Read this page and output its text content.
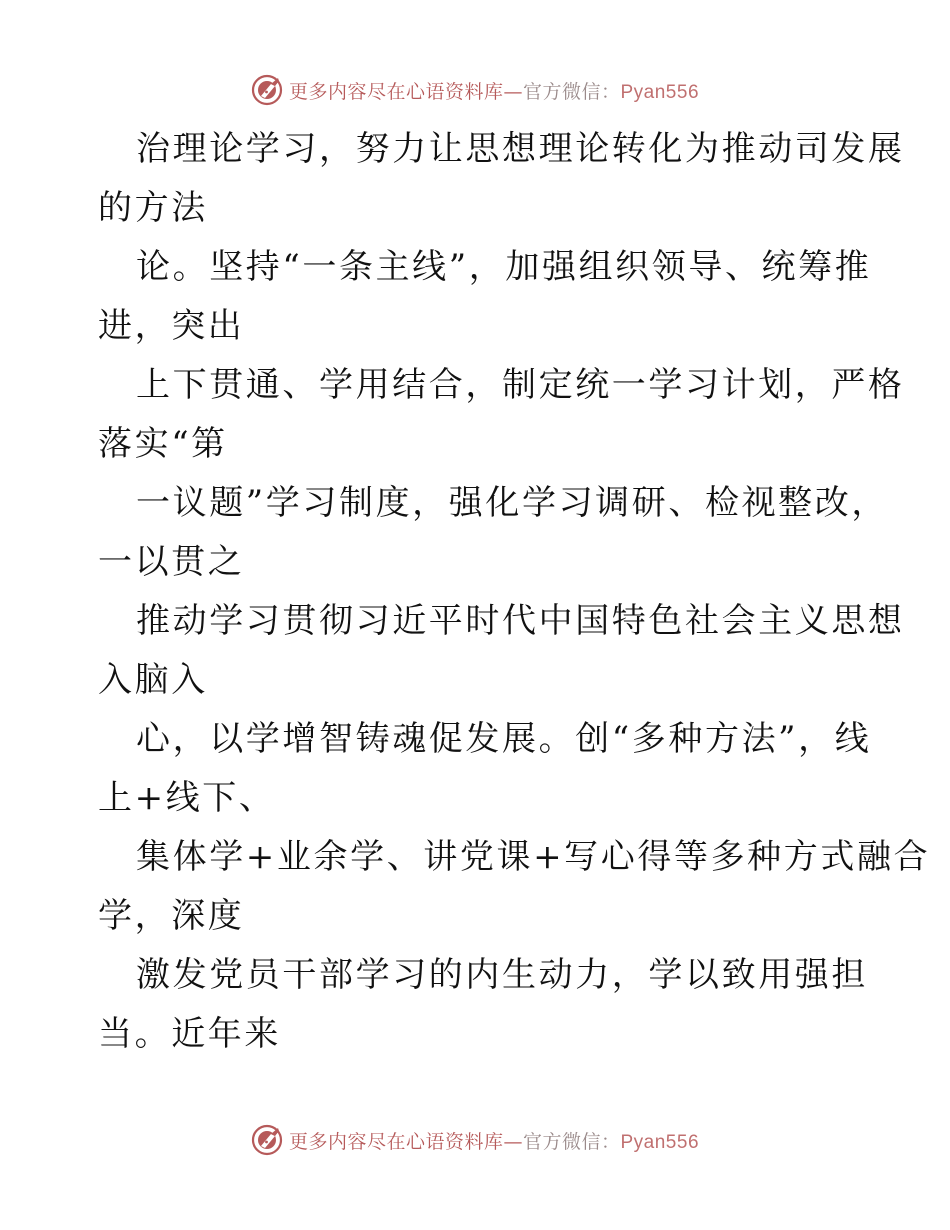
更多内容尽在心语资料库—官方微信：Pyan556
治理论学习，努力让思想理论转化为推动司发展
的方法
论。坚持“一条主线”，加强组织领导、统筹推
进，突出
上下贯通、学用结合，制定统一学习计划，严格
落实“第
一议题”学习制度，强化学习调研、检视整改，
一以贯之
推动学习贯彻习近平时代中国特色社会主义思想
入脑入
心，以学增智铸魂促发展。创“多种方法”，线
上+线下、
集体学+业余学、讲党课+写心得等多种方式融合
学，深度
激发党员干部学习的内生动力，学以致用强担
当。近年来
更多内容尽在心语资料库—官方微信：Pyan556
